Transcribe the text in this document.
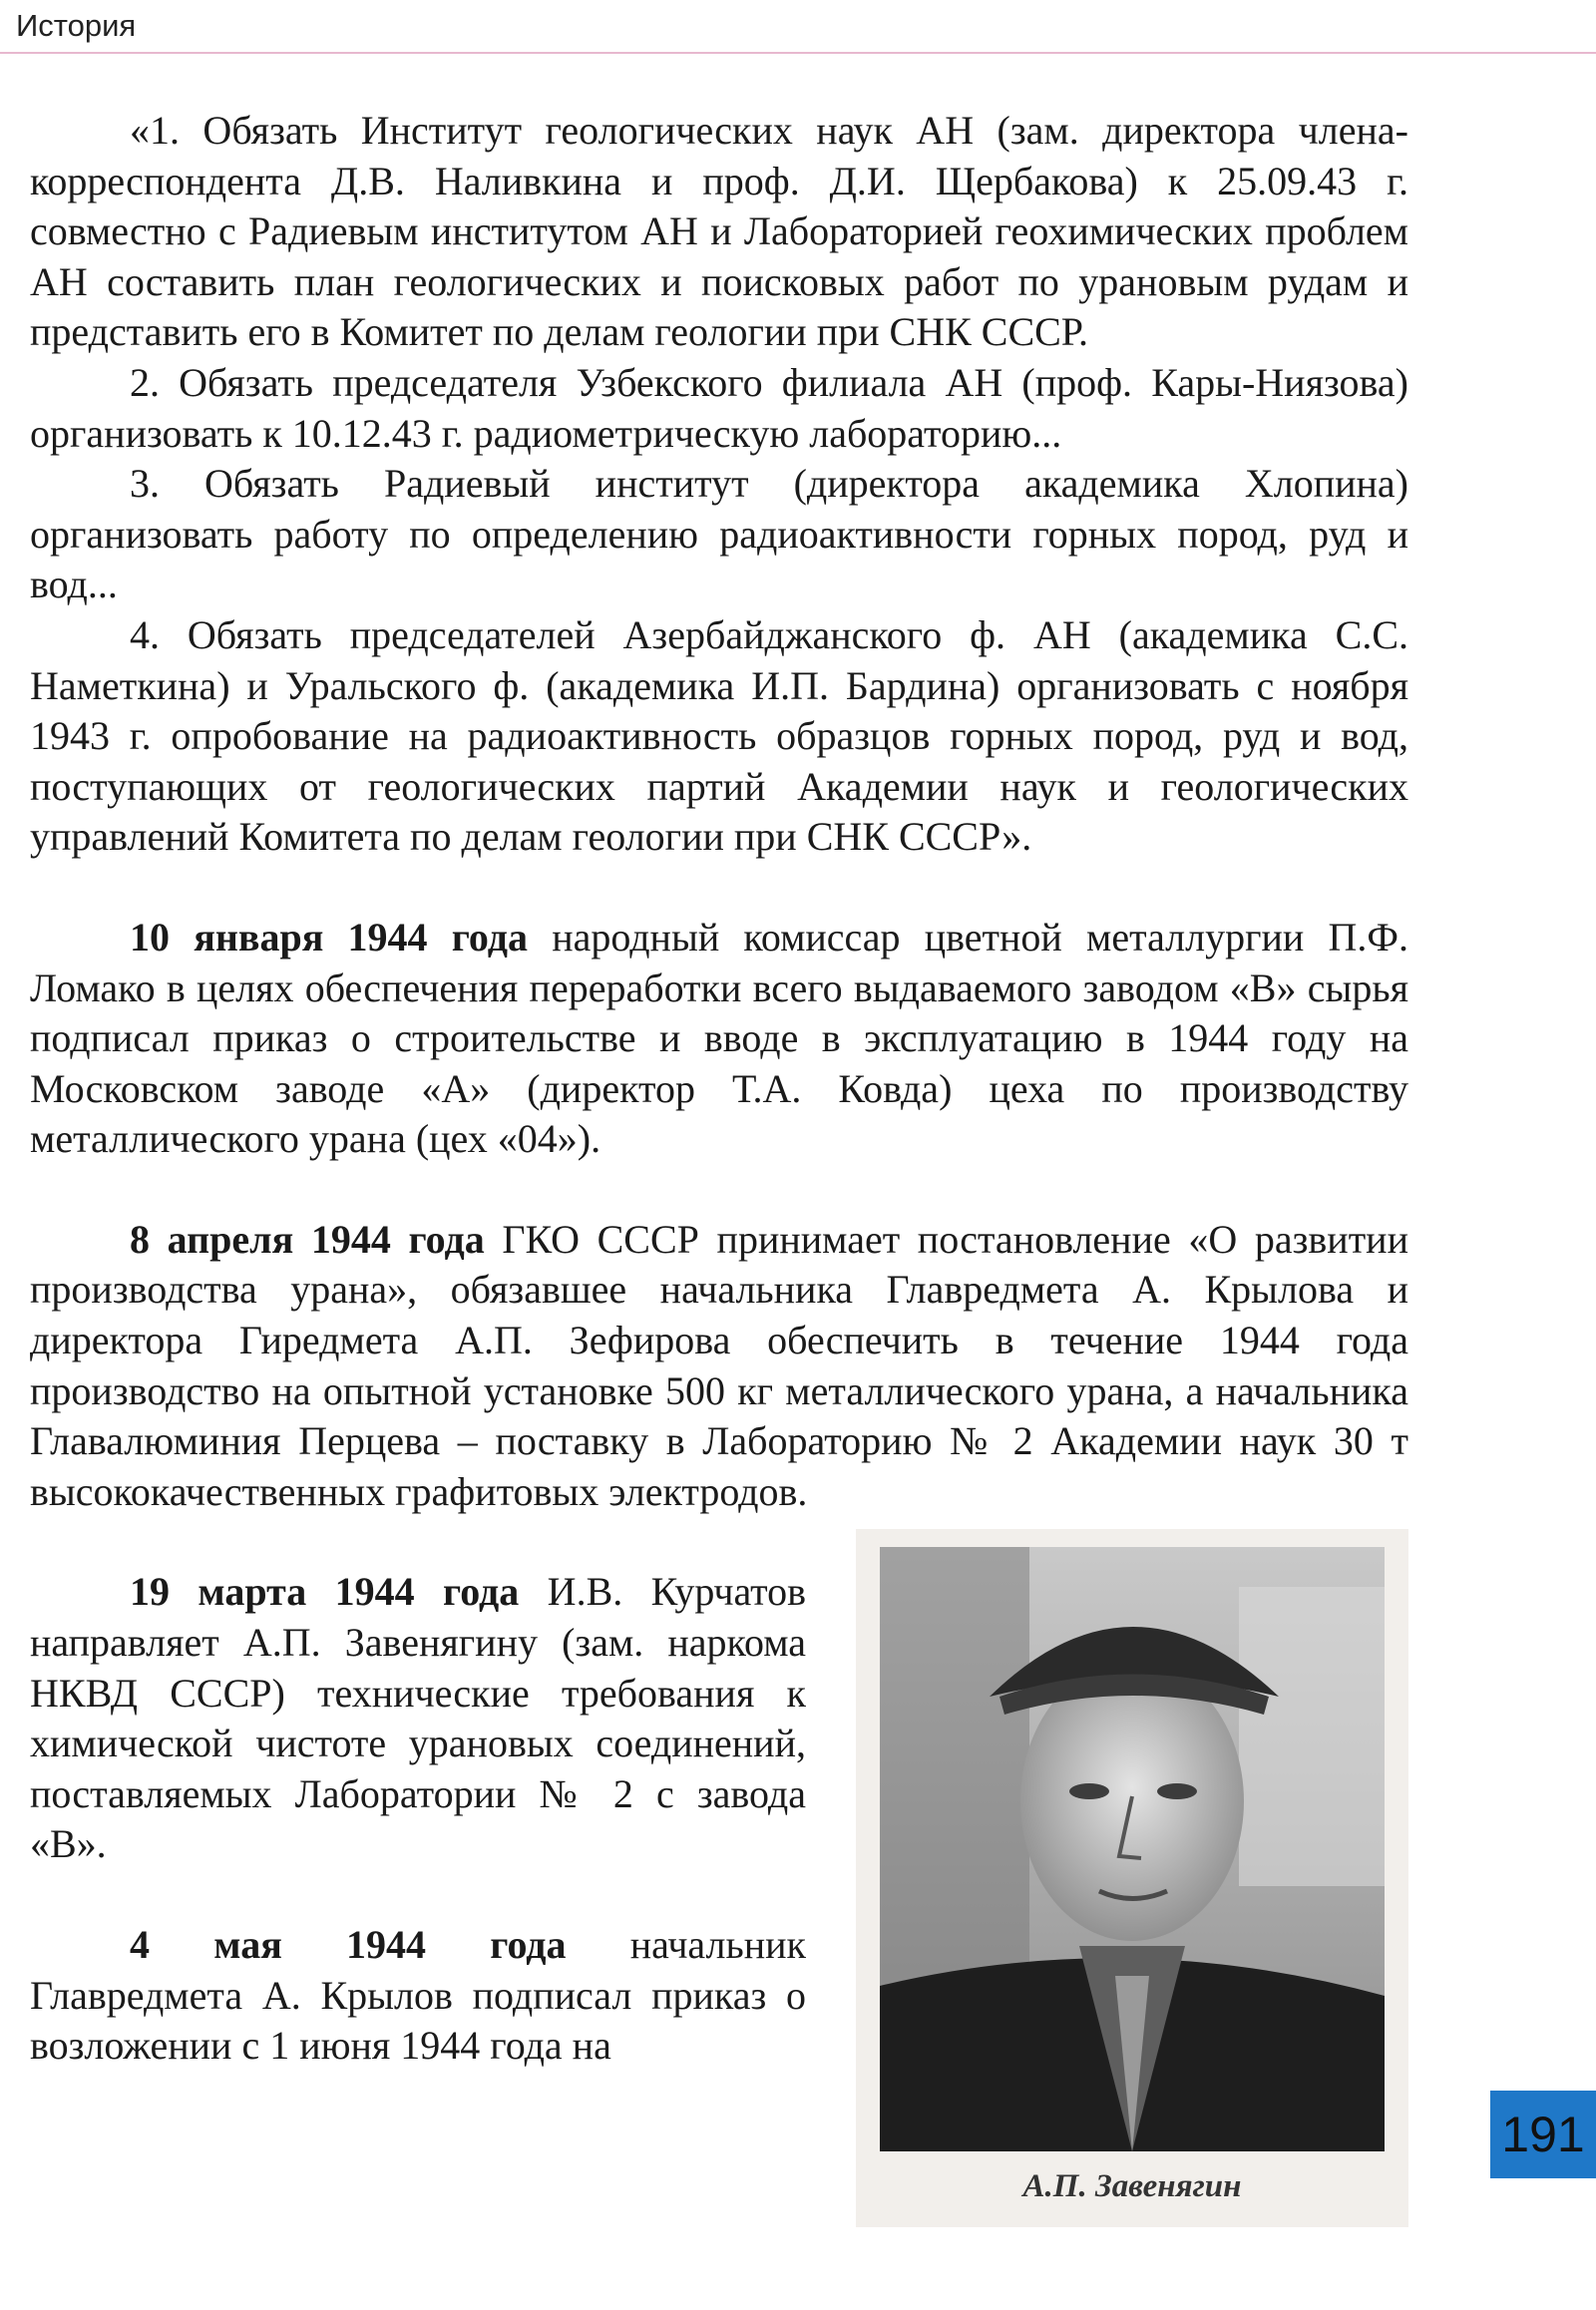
История

«1. Обязать Институт геологических наук АН (зам. директора члена-корреспондента Д.В. Наливкина и проф. Д.И. Щербакова) к 25.09.43 г. совместно с Радиевым институтом АН и Лабораторией геохимических проблем АН составить план геологических и поисковых работ по урановым рудам и представить его в Комитет по делам геологии при СНК СССР.

2. Обязать председателя Узбекского филиала АН (проф. Кары-Ниязова) организовать к 10.12.43 г. радиометрическую лабораторию...

3. Обязать Радиевый институт (директора академика Хлопина) организовать работу по определению радиоактивности горных пород, руд и вод...

4. Обязать председателей Азербайджанского ф. АН (академика С.С. Наметкина) и Уральского ф. (академика И.П. Бардина) организовать с ноября 1943 г. опробование на радиоактивность образцов горных пород, руд и вод, поступающих от геологических партий Академии наук и геологических управлений Комитета по делам геологии при СНК СССР».

10 января 1944 года народный комиссар цветной металлургии П.Ф. Ломако в целях обеспечения переработки всего выдаваемого заводом «В» сырья подписал приказ о строительстве и вводе в эксплуатацию в 1944 году на Московском заводе «А» (директор Т.А. Ковда) цеха по производству металлического урана (цех «04»).

8 апреля 1944 года ГКО СССР принимает постановление «О развитии производства урана», обязавшее начальника Главредмета А. Крылова и директора Гиредмета А.П. Зефирова обеспечить в течение 1944 года производство на опытной установке 500 кг металлического урана, а начальника Главалюминия Перцева – поставку в Лабораторию № 2 Академии наук 30 т высококачественных графитовых электродов.

А.П. Завенягин

19 марта 1944 года И.В. Курчатов направляет А.П. Завенягину (зам. наркома НКВД СССР) технические требования к химической чистоте урановых соединений, поставляемых Лаборатории № 2 с завода «В».

4 мая 1944 года начальник Главредмета А. Крылов подписал приказ о возложении с 1 июня 1944 года на

191
